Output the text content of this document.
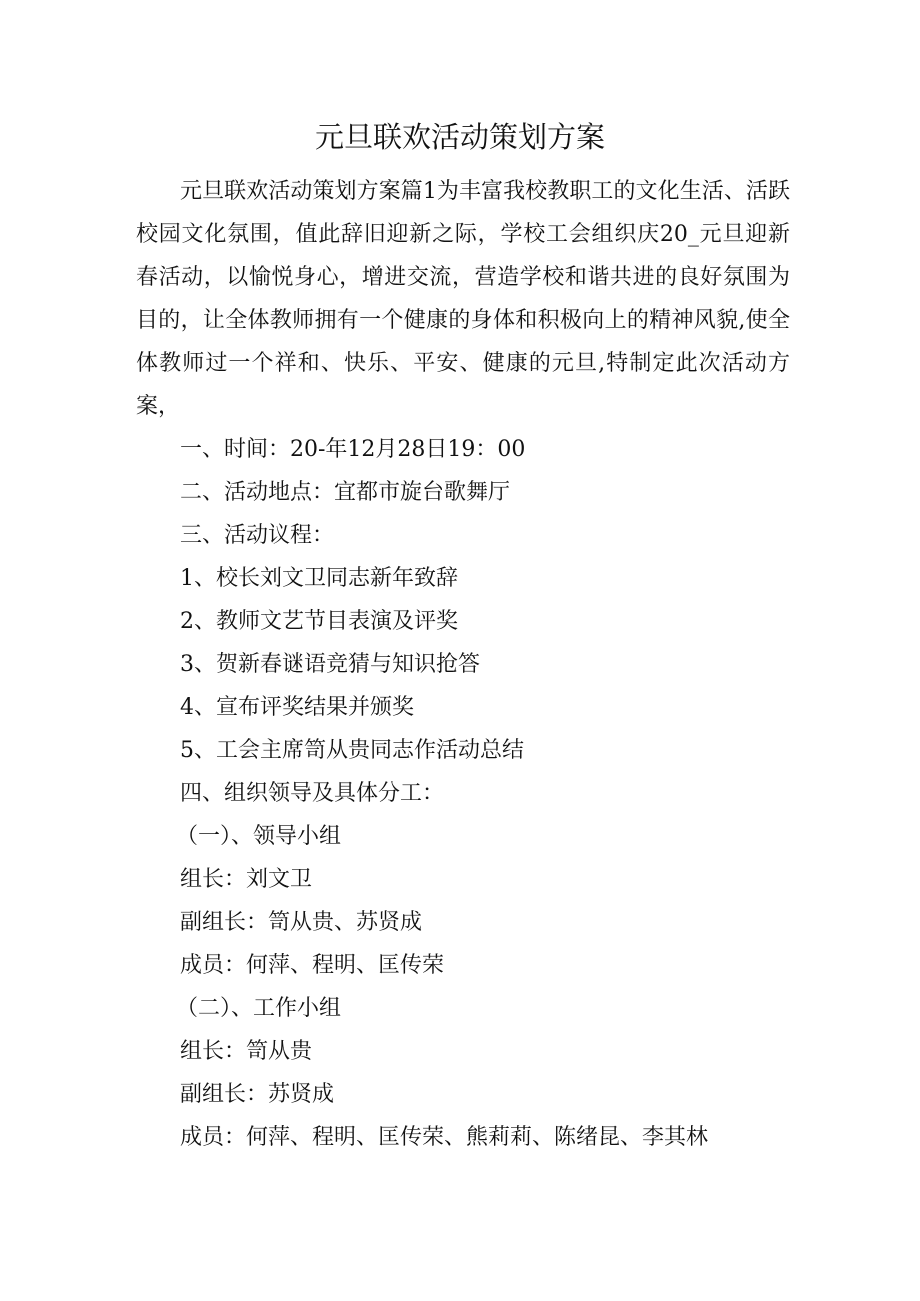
元旦联欢活动策划方案

元旦联欢活动策划方案篇1为丰富我校教职工的文化生活、活跃校园文化氛围，值此辞旧迎新之际，学校工会组织庆20_元旦迎新春活动，以愉悦身心，增进交流，营造学校和谐共进的良好氛围为目的，让全体教师拥有一个健康的身体和积极向上的精神风貌,使全体教师过一个祥和、快乐、平安、健康的元旦,特制定此次活动方案，

一、时间：20-年12月28日19：00

二、活动地点：宜都市旋台歌舞厅

三、活动议程：

1、校长刘文卫同志新年致辞

2、教师文艺节目表演及评奖

3、贺新春谜语竞猜与知识抢答

4、宣布评奖结果并颁奖

5、工会主席笥从贵同志作活动总结

四、组织领导及具体分工：

（一）、领导小组

组长：刘文卫

副组长：笥从贵、苏贤成

成员：何萍、程明、匡传荣

（二）、工作小组

组长：笥从贵

副组长：苏贤成

成员：何萍、程明、匡传荣、熊莉莉、陈绪昆、李其林
